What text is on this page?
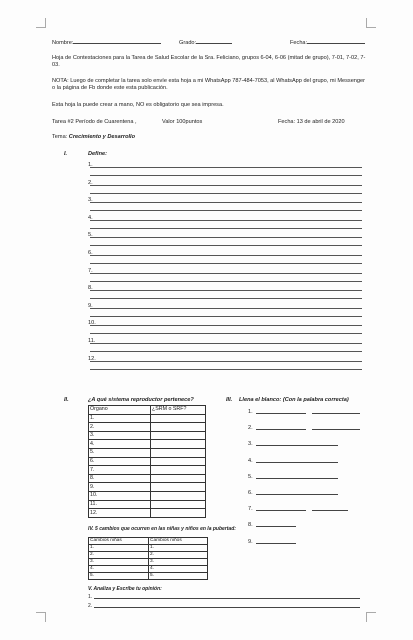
Nombre:	Grado:	Fecha:
Hoja de Contestaciones para la Tarea de Salud Escolar de la Sra. Feliciano, grupos 6-04, 6-06 (mitad de grupo), 7-01, 7-02, 7-03.
NOTA: Luego de completar la tarea solo envíe esta hoja a mi WhatsApp 787-484-7053, al WhatsApp del grupo, mi Messenger o la página de Fb donde este esta publicación.
Esta hoja la puede crear a mano, NO es obligatorio que sea impresa.
Tarea #2 Período de Cuarentena ,	Valor 100puntos	Fecha: 13 de abril de 2020
Tema: Crecimiento y Desarrollo
I.	Define:
1.
2.
3.
4.
5.
6.
7.
8.
9.
10.
11.
12.
II.	¿A qué sistema reproductor pertenece?
Organo	¿SRM o SRF?
1.	
2.	
3.	
4.	
5.	
6.	
7.	
8.	
9.	
10.	
11.	
12.	
III. Llena el blanco: (Con la palabra correcta)
1.
2.
3.
4.
5.
6.
7.
8.
9.
IV. 5 cambios que ocurren en las niñas y niños en la pubertad:
Cambios niñas	Cambios niños
1.	1.
2.	2.
3.	3.
4.	4.
5.	5.
V. Analiza y Escribe tu opinión:
1.
2.
